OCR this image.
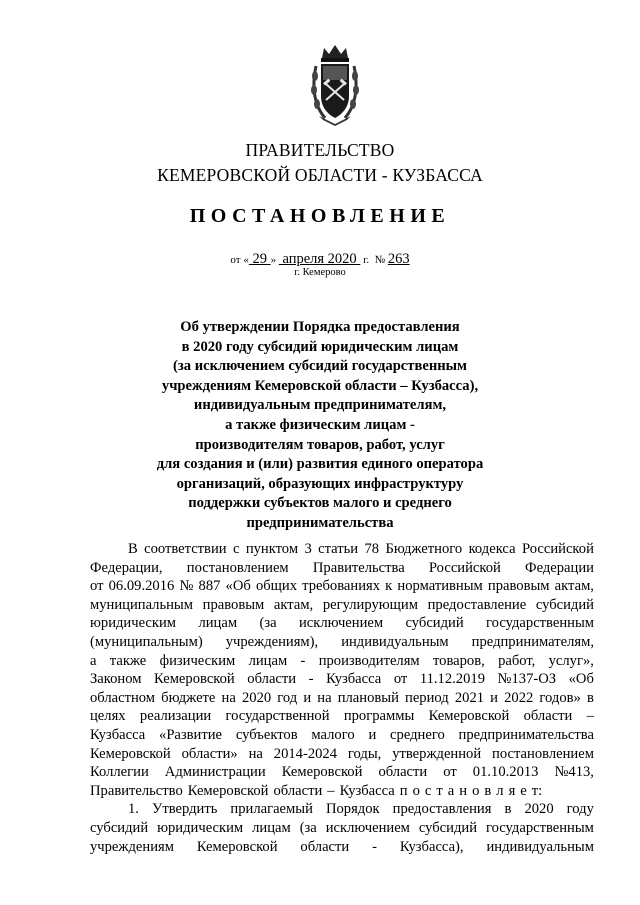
ПРАВИТЕЛЬСТВО
КЕМЕРОВСКОЙ ОБЛАСТИ - КУЗБАССА
ПОСТАНОВЛЕНИЕ
от « 29 » апреля 2020 г. № 263
г. Кемерово
Об утверждении Порядка предоставления
в 2020 году субсидий юридическим лицам
(за исключением субсидий государственным
учреждениям Кемеровской области – Кузбасса),
индивидуальным предпринимателям,
а также физическим лицам -
производителям товаров, работ, услуг
для создания и (или) развития единого оператора
организаций, образующих инфраструктуру
поддержки субъектов малого и среднего
предпринимательства
В соответствии с пунктом 3 статьи 78 Бюджетного кодекса Российской
Федерации, постановлением Правительства Российской Федерации
от 06.09.2016 № 887 «Об общих требованиях к нормативным правовым актам,
муниципальным правовым актам, регулирующим предоставление субсидий
юридическим лицам (за исключением субсидий государственным
(муниципальным) учреждениям), индивидуальным предпринимателям,
а также физическим лицам - производителям товаров, работ, услуг»,
Законом Кемеровской области - Кузбасса от 11.12.2019 №137-ОЗ «Об
областном бюджете на 2020 год и на плановый период 2021 и 2022 годов» в
целях реализации государственной программы Кемеровской области –
Кузбасса «Развитие субъектов малого и среднего предпринимательства
Кемеровской области» на 2014-2024 годы, утвержденной постановлением
Коллегии Администрации Кемеровской области от 01.10.2013 №413,
Правительство Кемеровской области – Кузбасса п о с т а н о в л я е т:
1. Утвердить прилагаемый Порядок предоставления в 2020 году
субсидий юридическим лицам (за исключением субсидий государственным
учреждениям Кемеровской области - Кузбасса), индивидуальным
